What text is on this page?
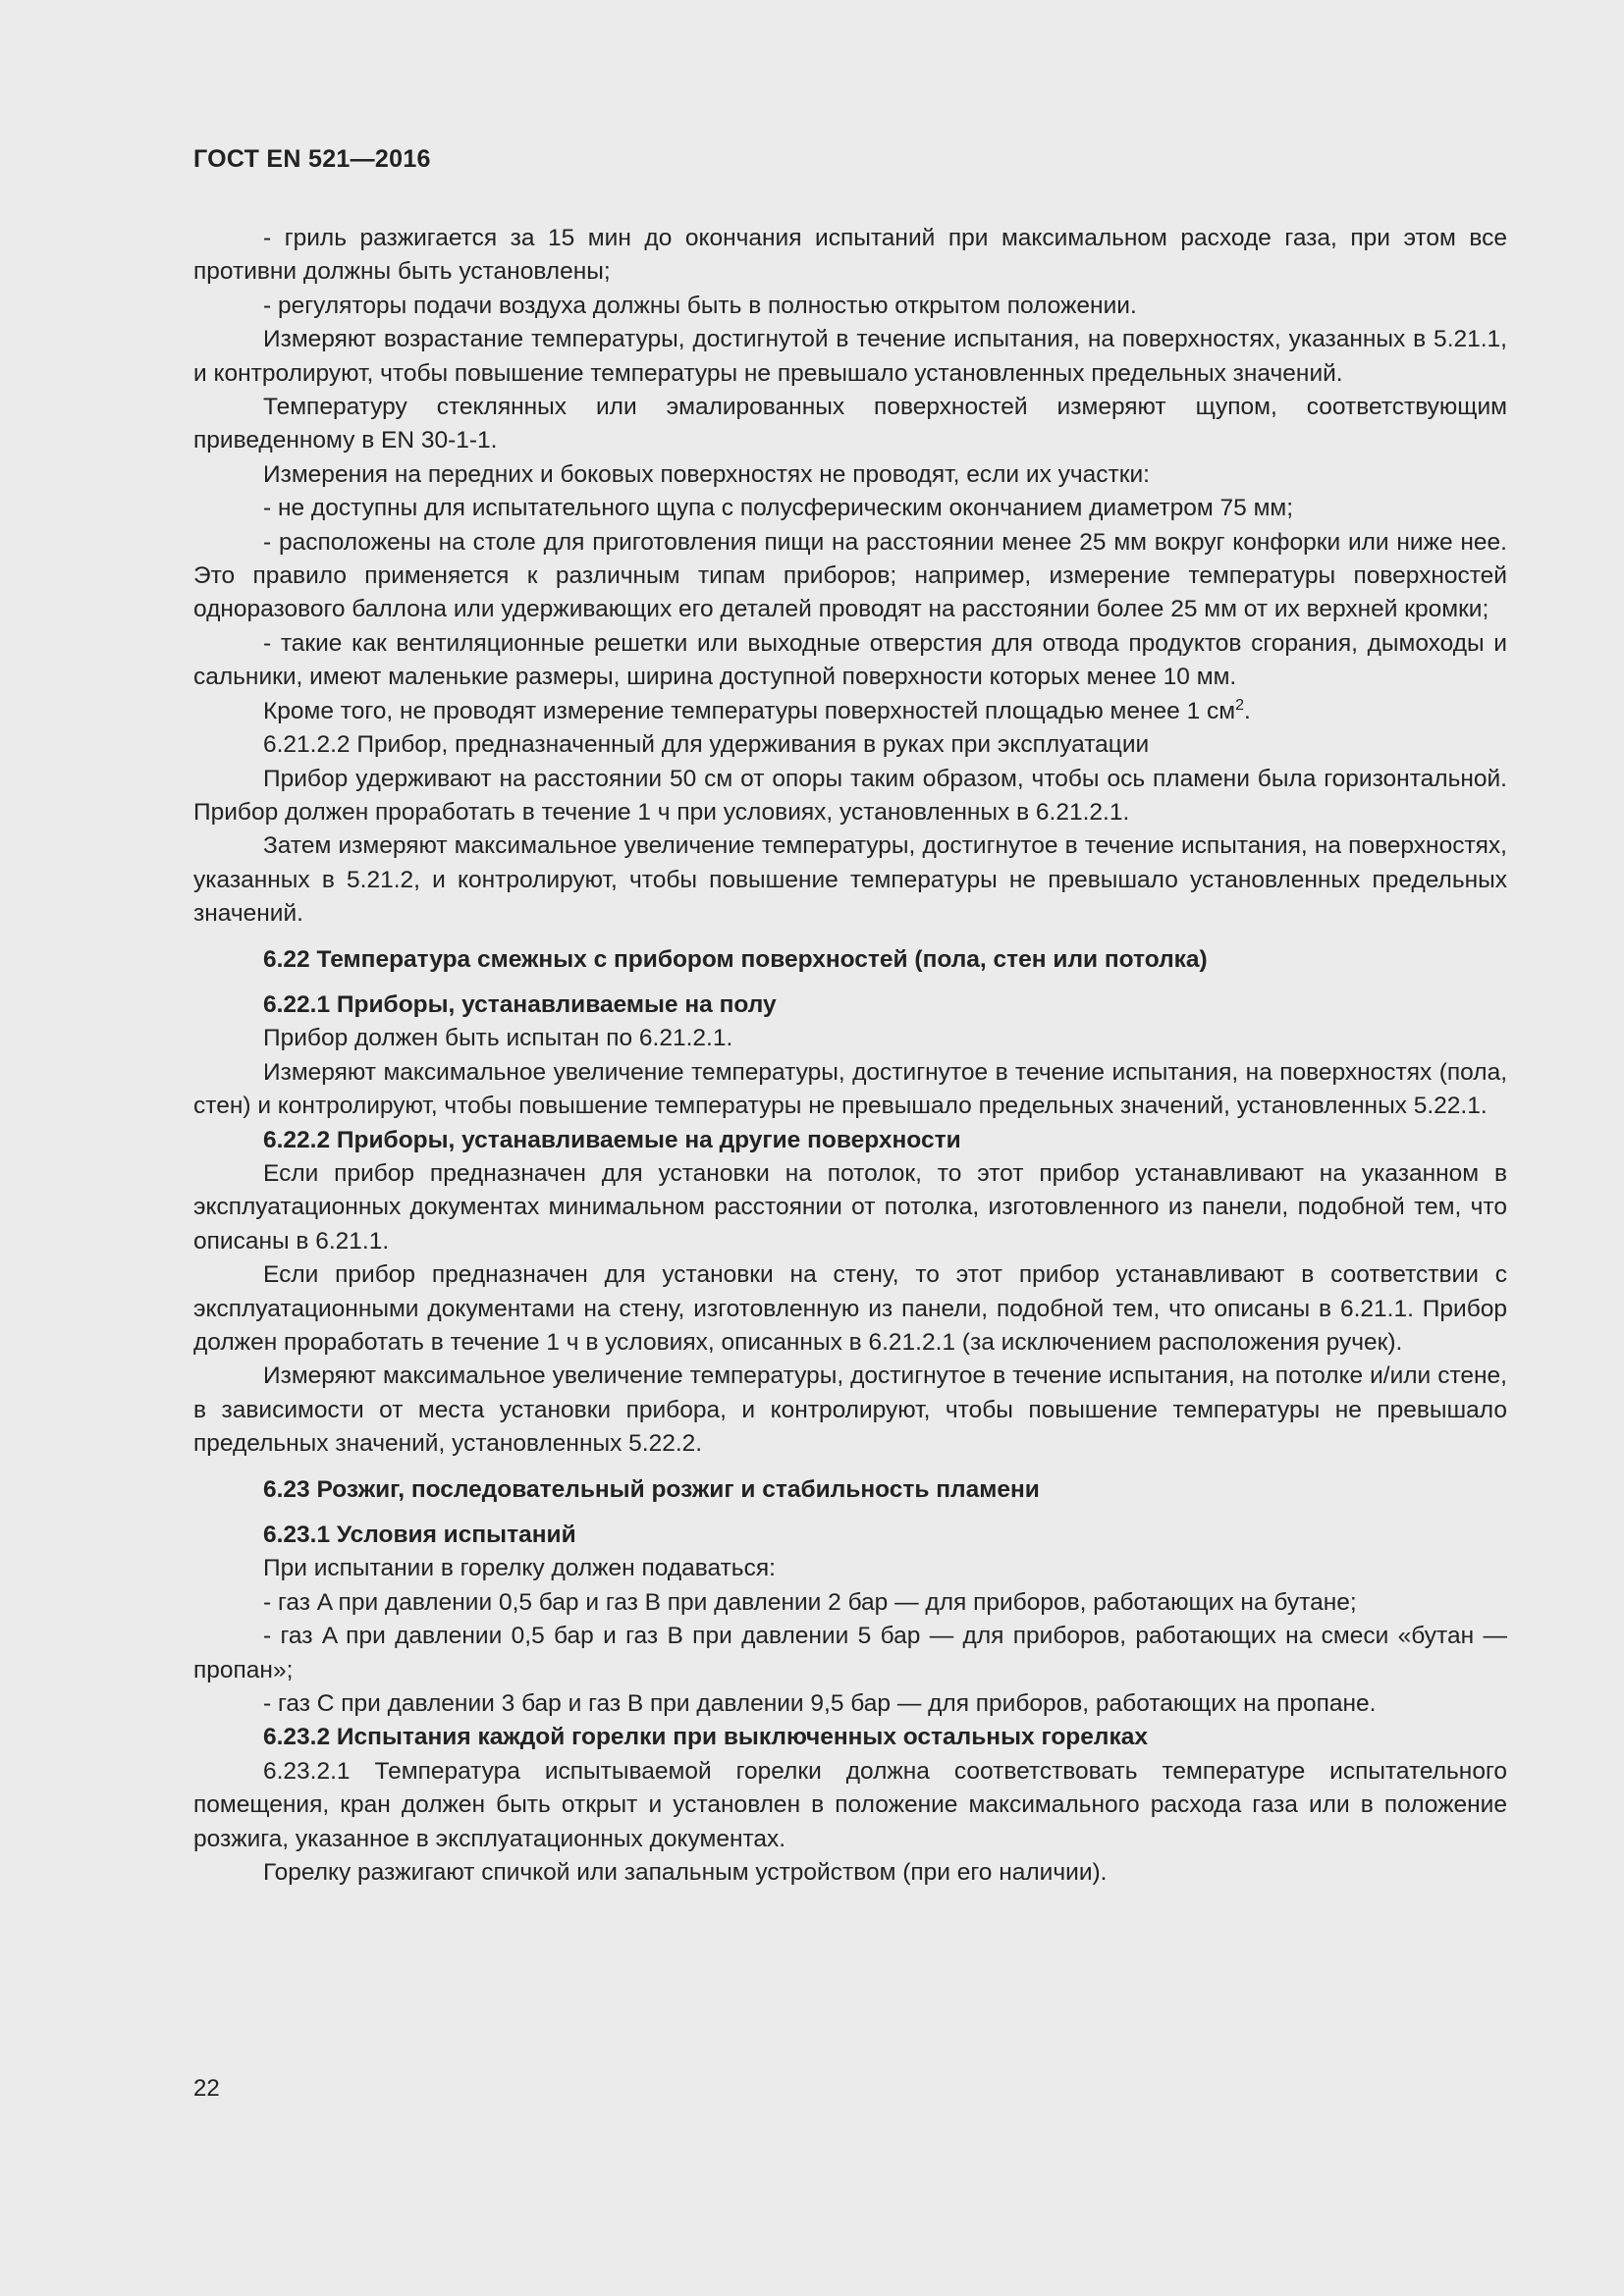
ГОСТ EN 521—2016

- гриль разжигается за 15 мин до окончания испытаний при максимальном расходе газа, при этом все противни должны быть установлены;

- регуляторы подачи воздуха должны быть в полностью открытом положении.

Измеряют возрастание температуры, достигнутой в течение испытания, на поверхностях, указанных в 5.21.1, и контролируют, чтобы повышение температуры не превышало установленных предельных значений.

Температуру стеклянных или эмалированных поверхностей измеряют щупом, соответствующим приведенному в EN 30-1-1.

Измерения на передних и боковых поверхностях не проводят, если их участки:

- не доступны для испытательного щупа с полусферическим окончанием диаметром 75 мм;

- расположены на столе для приготовления пищи на расстоянии менее 25 мм вокруг конфорки или ниже нее. Это правило применяется к различным типам приборов; например, измерение температуры поверхностей одноразового баллона или удерживающих его деталей проводят на расстоянии более 25 мм от их верхней кромки;

- такие как вентиляционные решетки или выходные отверстия для отвода продуктов сгорания, дымоходы и сальники, имеют маленькие размеры, ширина доступной поверхности которых менее 10 мм.

Кроме того, не проводят измерение температуры поверхностей площадью менее 1 $см^2$.

6.21.2.2 Прибор, предназначенный для удерживания в руках при эксплуатации

Прибор удерживают на расстоянии 50 см от опоры таким образом, чтобы ось пламени была горизонтальной. Прибор должен проработать в течение 1 ч при условиях, установленных в 6.21.2.1.

Затем измеряют максимальное увеличение температуры, достигнутое в течение испытания, на поверхностях, указанных в 5.21.2, и контролируют, чтобы повышение температуры не превышало установленных предельных значений.

6.22 Температура смежных с прибором поверхностей (пола, стен или потолка)

6.22.1 Приборы, устанавливаемые на полу

Прибор должен быть испытан по 6.21.2.1.

Измеряют максимальное увеличение температуры, достигнутое в течение испытания, на поверхностях (пола, стен) и контролируют, чтобы повышение температуры не превышало предельных значений, установленных 5.22.1.

6.22.2 Приборы, устанавливаемые на другие поверхности

Если прибор предназначен для установки на потолок, то этот прибор устанавливают на указанном в эксплуатационных документах минимальном расстоянии от потолка, изготовленного из панели, подобной тем, что описаны в 6.21.1.

Если прибор предназначен для установки на стену, то этот прибор устанавливают в соответствии с эксплуатационными документами на стену, изготовленную из панели, подобной тем, что описаны в 6.21.1. Прибор должен проработать в течение 1 ч в условиях, описанных в 6.21.2.1 (за исключением расположения ручек).

Измеряют максимальное увеличение температуры, достигнутое в течение испытания, на потолке и/или стене, в зависимости от места установки прибора, и контролируют, чтобы повышение температуры не превышало предельных значений, установленных 5.22.2.

6.23 Розжиг, последовательный розжиг и стабильность пламени

6.23.1 Условия испытаний

При испытании в горелку должен подаваться:

- газ A при давлении 0,5 бар и газ B при давлении 2 бар — для приборов, работающих на бутане;

- газ A при давлении 0,5 бар и газ B при давлении 5 бар — для приборов, работающих на смеси «бутан — пропан»;

- газ C при давлении 3 бар и газ B при давлении 9,5 бар — для приборов, работающих на пропане.

6.23.2 Испытания каждой горелки при выключенных остальных горелках

6.23.2.1 Температура испытываемой горелки должна соответствовать температуре испытательного помещения, кран должен быть открыт и установлен в положение максимального расхода газа или в положение розжига, указанное в эксплуатационных документах.

Горелку разжигают спичкой или запальным устройством (при его наличии).

22
